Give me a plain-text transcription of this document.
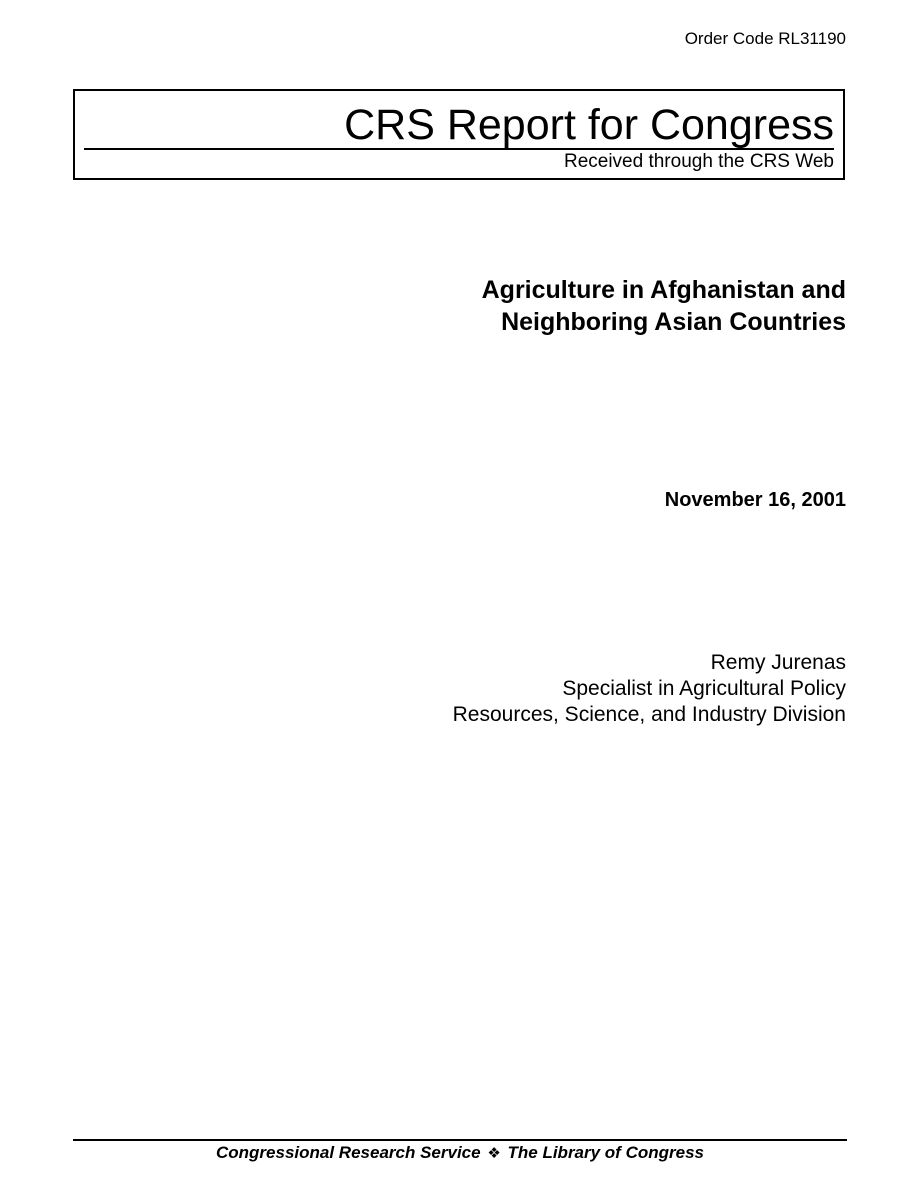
Order Code RL31190
CRS Report for Congress
Received through the CRS Web
Agriculture in Afghanistan and
Neighboring Asian Countries
November 16, 2001
Remy Jurenas
Specialist in Agricultural Policy
Resources, Science, and Industry Division
Congressional Research Service ❖ The Library of Congress
